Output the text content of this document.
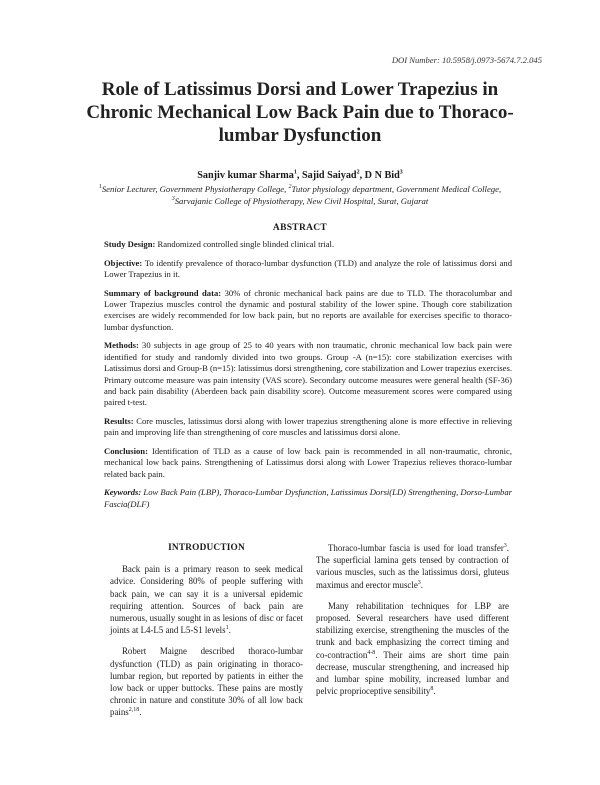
DOI Number: 10.5958/j.0973-5674.7.2.045
Role of Latissimus Dorsi and Lower Trapezius in Chronic Mechanical Low Back Pain due to Thoraco-lumbar Dysfunction
Sanjiv kumar Sharma$^1$, Sajid Saiyad$^2$, D N Bid$^3$
$^1$Senior Lecturer, Government Physiotherapy College, $^2$Tutor physiology department, Government Medical College,
$^3$Sarvajanic College of Physiotherapy, New Civil Hospital, Surat, Gujarat
ABSTRACT

Study Design: Randomized controlled single blinded clinical trial.

Objective: To identify prevalence of thoraco-lumbar dysfunction (TLD) and analyze the role of latissimus dorsi and Lower Trapezius in it.

Summary of background data: 30% of chronic mechanical back pains are due to TLD. The thoracolumbar and Lower Trapezius muscles control the dynamic and postural stability of the lower spine. Though core stabilization exercises are widely recommended for low back pain, but no reports are available for exercises specific to thoraco-lumbar dysfunction.

Methods: 30 subjects in age group of 25 to 40 years with non traumatic, chronic mechanical low back pain were identified for study and randomly divided into two groups. Group -A (n=15): core stabilization exercises with Latissimus dorsi and Group-B (n=15): latissimus dorsi strengthening, core stabilization and Lower trapezius exercises. Primary outcome measure was pain intensity (VAS score). Secondary outcome measures were general health (SF-36) and back pain disability (Aberdeen back pain disability score). Outcome measurement scores were compared using paired t-test.

Results: Core muscles, latissimus dorsi along with lower trapezius strengthening alone is more effective in relieving pain and improving life than strengthening of core muscles and latissimus dorsi alone.

Conclusion: Identification of TLD as a cause of low back pain is recommended in all non-traumatic, chronic, mechanical low back pains. Strengthening of Latissimus dorsi along with Lower Trapezius relieves thoraco-lumbar related back pain.

Keywords: Low Back Pain (LBP), Thoraco-Lumbar Dysfunction, Latissimus Dorsi(LD) Strengthening, Dorso-Lumbar Fascia(DLF)

INTRODUCTION

Back pain is a primary reason to seek medical advice. Considering 80% of people suffering with back pain, we can say it is a universal epidemic requiring attention. Sources of back pain are numerous, usually sought in as lesions of disc or facet joints at L4-L5 and L5-S1 levels$^1$.

Robert Maigne described thoraco-lumbar dysfunction (TLD) as pain originating in thoraco-lumbar region, but reported by patients in either the low back or upper buttocks. These pains are mostly chronic in nature and constitute 30% of all low back pains$^{2,18}$.

Thoraco-lumbar fascia is used for load transfer$^3$. The superficial lamina gets tensed by contraction of various muscles, such as the latissimus dorsi, gluteus maximus and erector muscle$^3$.

Many rehabilitation techniques for LBP are proposed. Several researchers have used different stabilizing exercise, strengthening the muscles of the trunk and back emphasizing the correct timing and co-contraction$^{4-8}$. Their aims are short time pain decrease, muscular strengthening, and increased hip and lumbar spine mobility, increased lumbar and pelvic proprioceptive sensibility$^8$.
